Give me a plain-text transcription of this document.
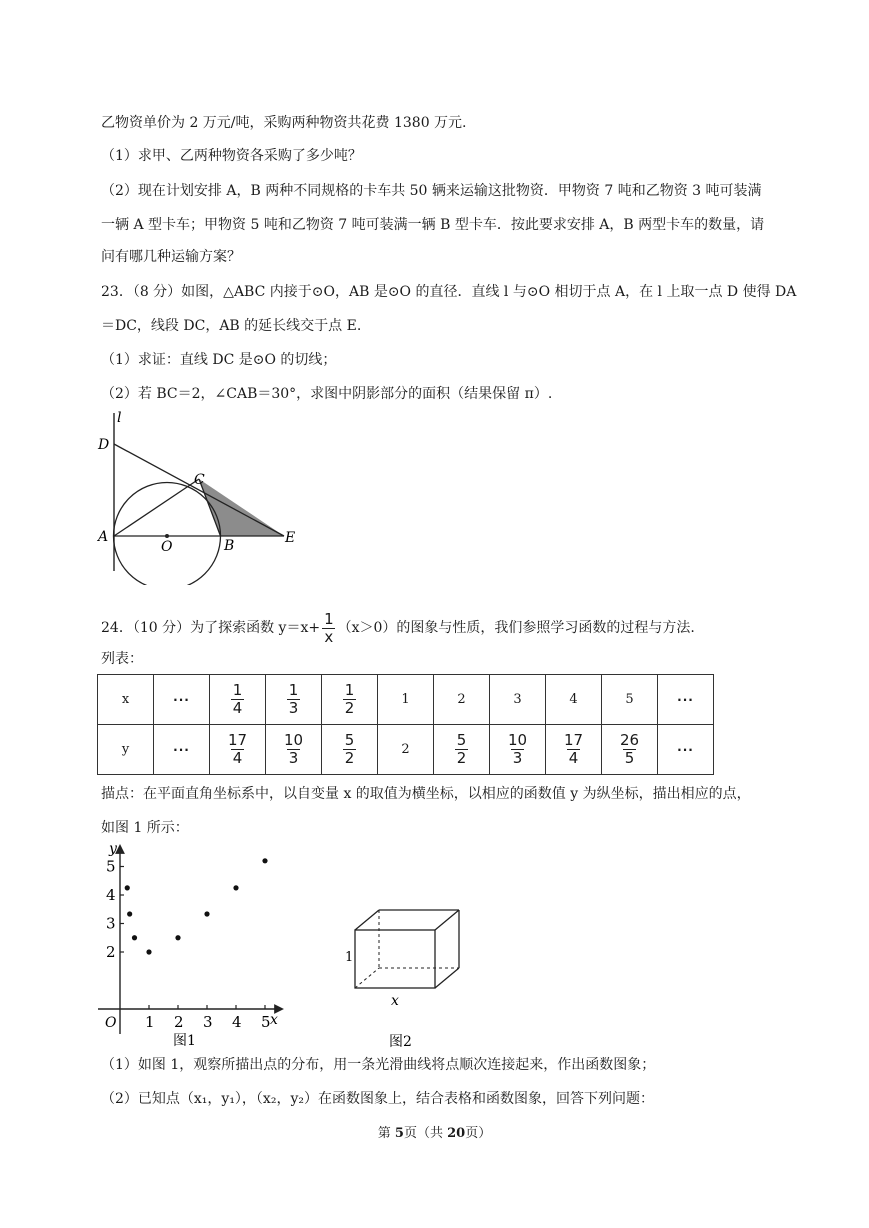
乙物资单价为 2 万元/吨，采购两种物资共花费 1380 万元.
（1）求甲、乙两种物资各采购了多少吨？
（2）现在计划安排 A，B 两种不同规格的卡车共 50 辆来运输这批物资．甲物资 7 吨和乙物资 3 吨可装满
一辆 A 型卡车；甲物资 5 吨和乙物资 7 吨可装满一辆 B 型卡车．按此要求安排 A，B 两型卡车的数量，请
问有哪几种运输方案？
23．（8 分）如图，△ABC 内接于⊙O，AB 是⊙O 的直径．直线 l 与⊙O 相切于点 A，在 l 上取一点 D 使得 DA
＝DC，线段 DC，AB 的延长线交于点 E.
（1）求证：直线 DC 是⊙O 的切线；
（2）若 BC＝2，∠CAB＝30°，求图中阴影部分的面积（结果保留 π）.
l
D
C
A
O	B	E
24．（10 分）为了探索函数 $y=x+ \frac{1}{x} (x>0)$的图象与性质，我们参照学习函数的过程与方法.
列表：
x	···	$\frac{1}{4}$	$\frac{1}{3}$	$\frac{1}{2}$	1	2	3	4	5	···
y	···	$\frac{17}{4}$	$\frac{10}{3}$	$\frac{5}{2}$	2	$\frac{5}{2}$	$\frac{10}{3}$	$\frac{17}{4}$	$\frac{26}{5}$	···
描点：在平面直角坐标系中，以自变量 x 的取值为横坐标，以相应的函数值 y 为纵坐标，描出相应的点，
如图 1 所示：
1 2 3 4 5
2
3
4
5
y
x
O
图1
1
x
图2
（1）如图 1，观察所描出点的分布，用一条光滑曲线将点顺次连接起来，作出函数图象；
（2）已知点（x₁，y₁），（x₂，y₂）在函数图象上，结合表格和函数图象，回答下列问题：
第 5页（共 20页）
